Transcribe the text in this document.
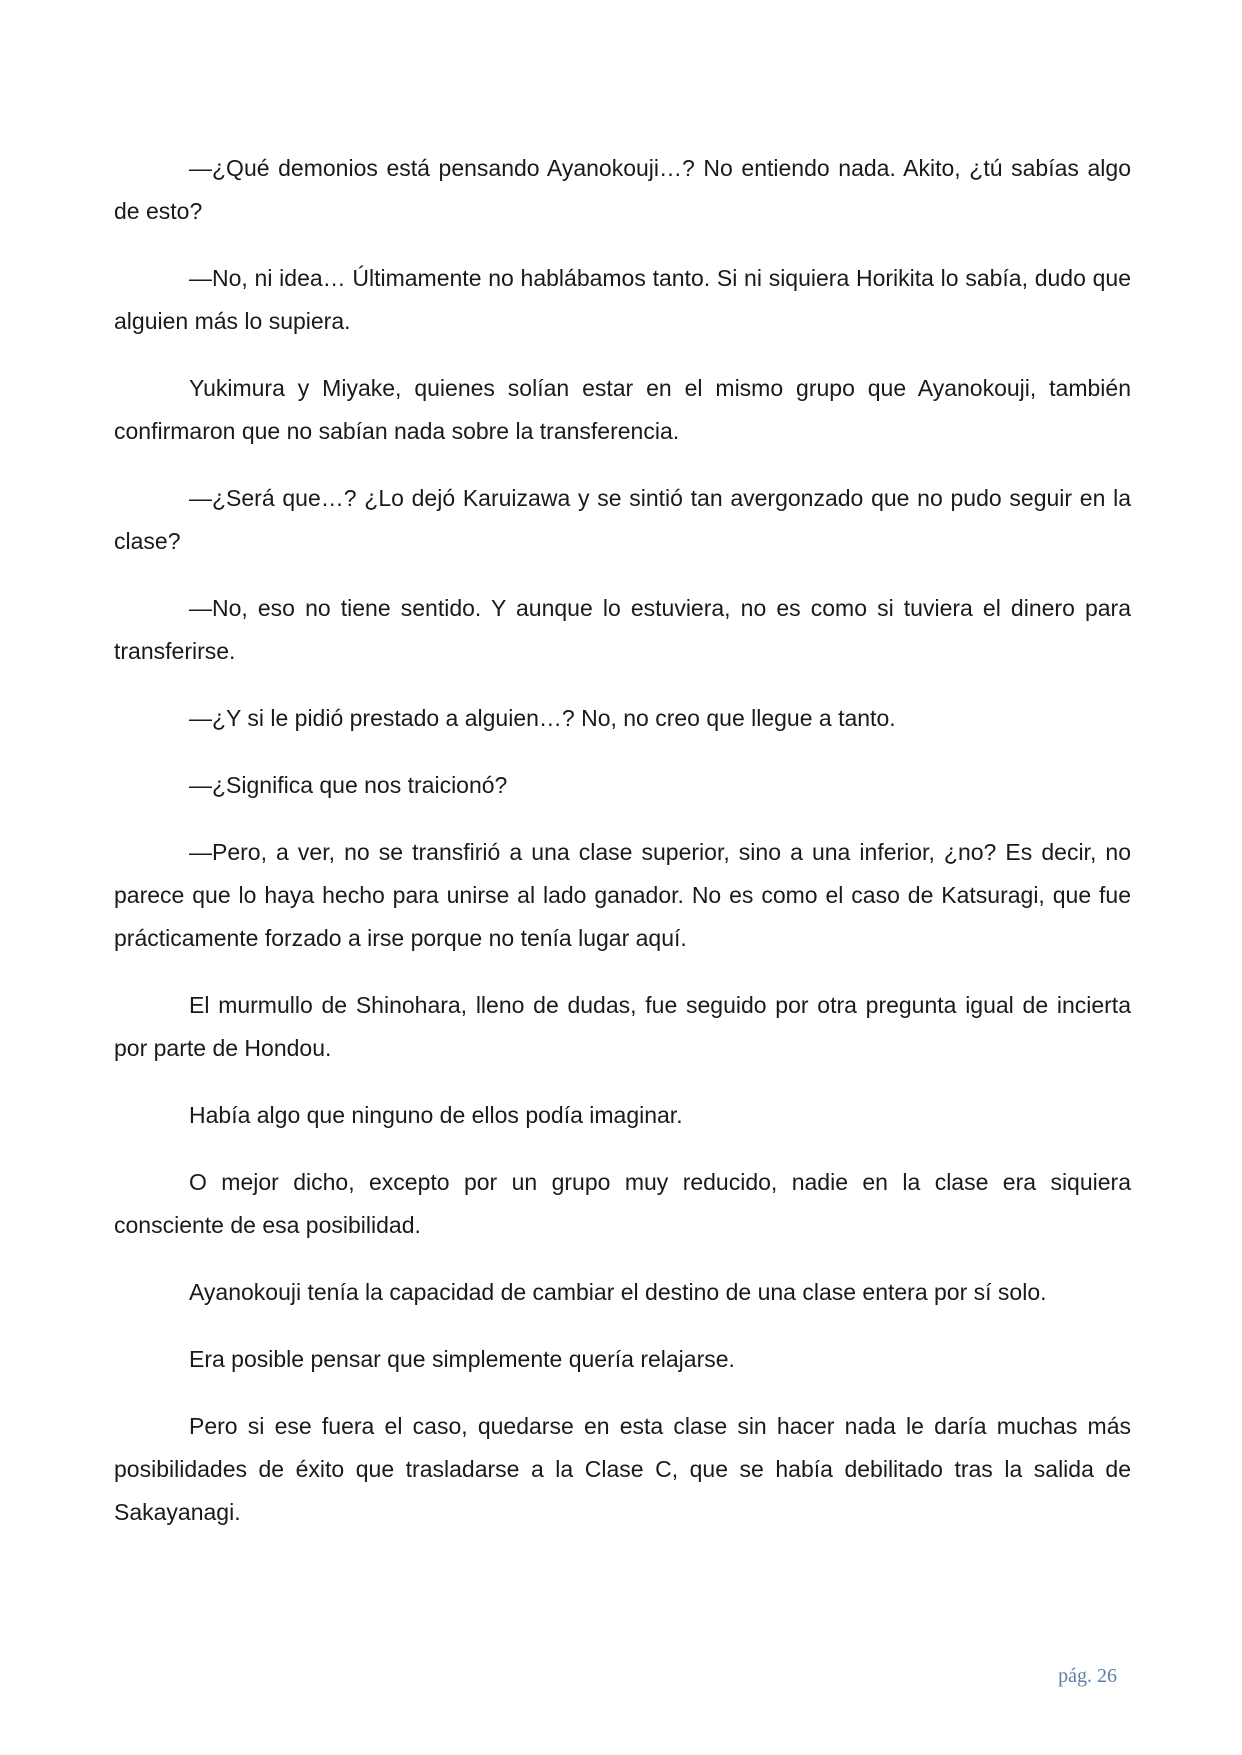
—¿Qué demonios está pensando Ayanokouji…? No entiendo nada. Akito, ¿tú sabías algo de esto?

—No, ni idea… Últimamente no hablábamos tanto. Si ni siquiera Horikita lo sabía, dudo que alguien más lo supiera.

Yukimura y Miyake, quienes solían estar en el mismo grupo que Ayanokouji, también confirmaron que no sabían nada sobre la transferencia.

—¿Será que…? ¿Lo dejó Karuizawa y se sintió tan avergonzado que no pudo seguir en la clase?

—No, eso no tiene sentido. Y aunque lo estuviera, no es como si tuviera el dinero para transferirse.

—¿Y si le pidió prestado a alguien…? No, no creo que llegue a tanto.

—¿Significa que nos traicionó?

—Pero, a ver, no se transfirió a una clase superior, sino a una inferior, ¿no? Es decir, no parece que lo haya hecho para unirse al lado ganador. No es como el caso de Katsuragi, que fue prácticamente forzado a irse porque no tenía lugar aquí.

El murmullo de Shinohara, lleno de dudas, fue seguido por otra pregunta igual de incierta por parte de Hondou.

Había algo que ninguno de ellos podía imaginar.

O mejor dicho, excepto por un grupo muy reducido, nadie en la clase era siquiera consciente de esa posibilidad.

Ayanokouji tenía la capacidad de cambiar el destino de una clase entera por sí solo.

Era posible pensar que simplemente quería relajarse.

Pero si ese fuera el caso, quedarse en esta clase sin hacer nada le daría muchas más posibilidades de éxito que trasladarse a la Clase C, que se había debilitado tras la salida de Sakayanagi.

pág. 26
